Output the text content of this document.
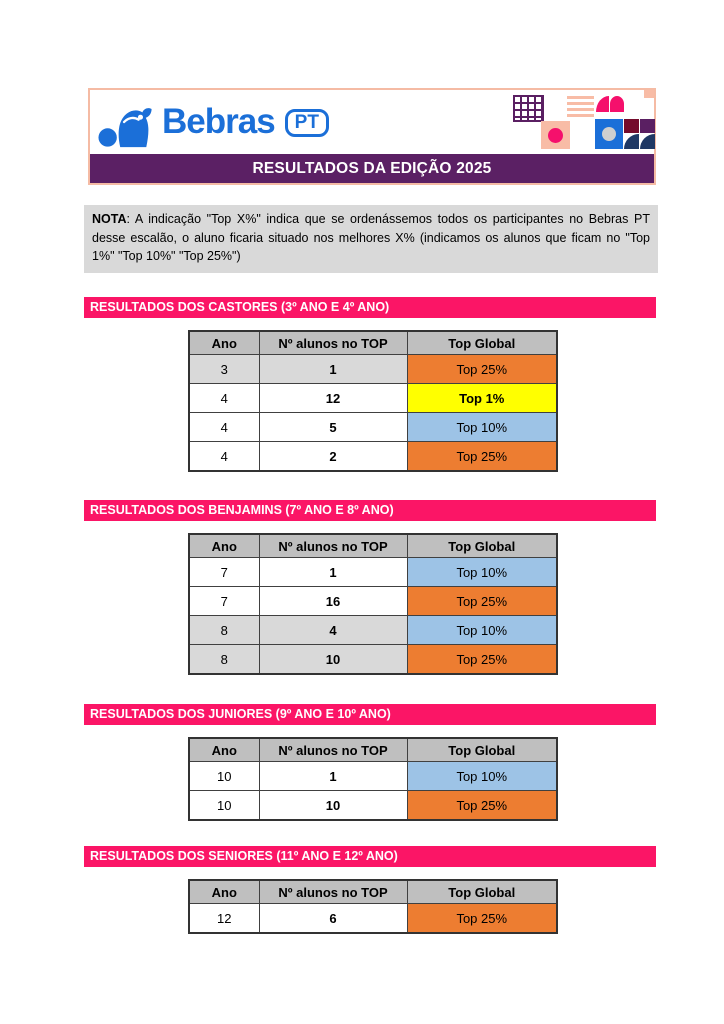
Bebras	PT
RESULTADOS DA EDIÇÃO 2025
NOTA: A indicação "Top X%" indica que se ordenássemos todos os participantes no Bebras PT desse escalão, o aluno ficaria situado nos melhores X% (indicamos os alunos que ficam no "Top 1%" "Top 10%" "Top 25%")
RESULTADOS DOS CASTORES (3º ANO E 4º ANO)
Ano	Nº alunos no TOP	Top Global
3	1	Top 25%
4	12	Top 1%
4	5	Top 10%
4	2	Top 25%
RESULTADOS DOS BENJAMINS (7º ANO E 8º ANO)
Ano	Nº alunos no TOP	Top Global
7	1	Top 10%
7	16	Top 25%
8	4	Top 10%
8	10	Top 25%
RESULTADOS DOS JUNIORES (9º ANO E 10º ANO)
Ano	Nº alunos no TOP	Top Global
10	1	Top 10%
10	10	Top 25%
RESULTADOS DOS SENIORES (11º ANO E 12º ANO)
Ano	Nº alunos no TOP	Top Global
12	6	Top 25%
